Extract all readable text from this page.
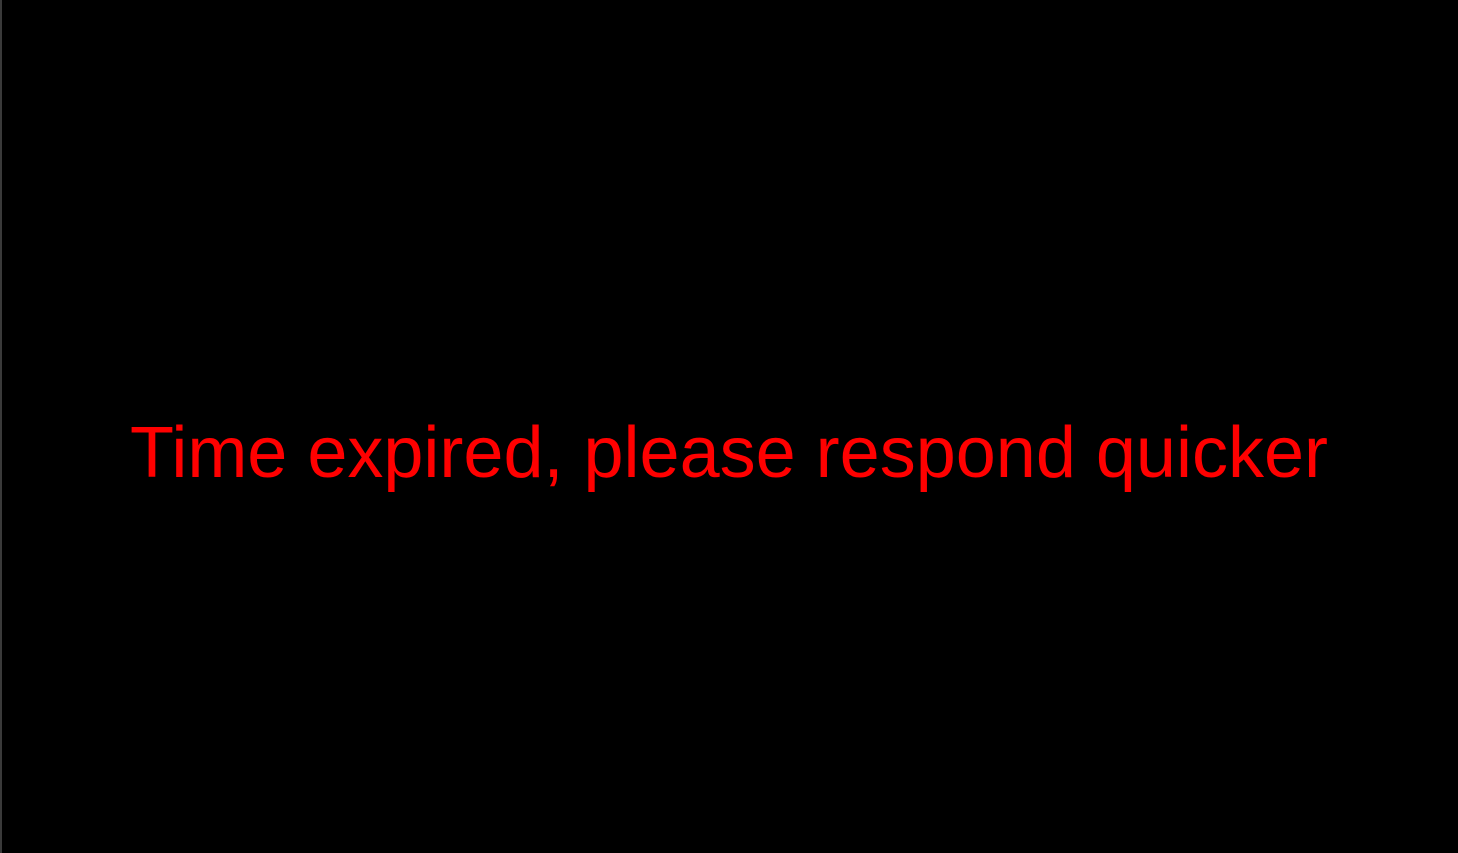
Time expired, please respond quicker
